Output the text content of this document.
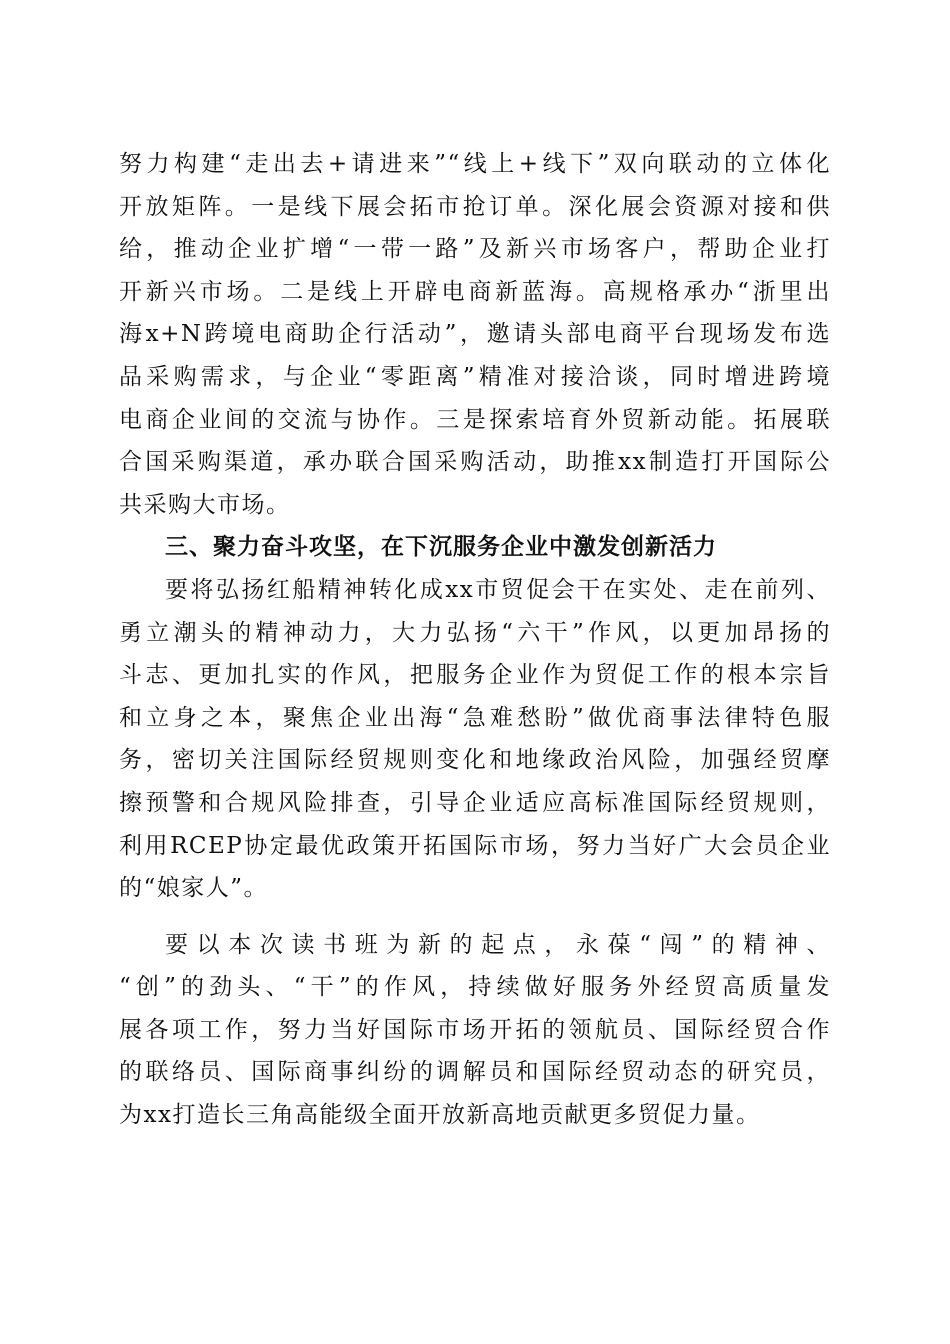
努力构建“走出去+请进来”“线上+线下”双向联动的立体化
开放矩阵。一是线下展会拓市抢订单。深化展会资源对接和供
给，推动企业扩增“一带一路”及新兴市场客户，帮助企业打
开新兴市场。二是线上开辟电商新蓝海。高规格承办“浙里出
海x+N跨境电商助企行活动”，邀请头部电商平台现场发布选
品采购需求，与企业“零距离”精准对接洽谈，同时增进跨境
电商企业间的交流与协作。三是探索培育外贸新动能。拓展联
合国采购渠道，承办联合国采购活动，助推xx制造打开国际公
共采购大市场。
三、聚力奋斗攻坚，在下沉服务企业中激发创新活力
要将弘扬红船精神转化成xx市贸促会干在实处、走在前列、
勇立潮头的精神动力，大力弘扬“六干”作风，以更加昂扬的
斗志、更加扎实的作风，把服务企业作为贸促工作的根本宗旨
和立身之本，聚焦企业出海“急难愁盼”做优商事法律特色服
务，密切关注国际经贸规则变化和地缘政治风险，加强经贸摩
擦预警和合规风险排查，引导企业适应高标准国际经贸规则，
利用RCEP协定最优政策开拓国际市场，努力当好广大会员企业
的“娘家人”。
要以本次读书班为新的起点，永葆“闯”的精神、
“创”的劲头、“干”的作风，持续做好服务外经贸高质量发
展各项工作，努力当好国际市场开拓的领航员、国际经贸合作
的联络员、国际商事纠纷的调解员和国际经贸动态的研究员，
为xx打造长三角高能级全面开放新高地贡献更多贸促力量。
